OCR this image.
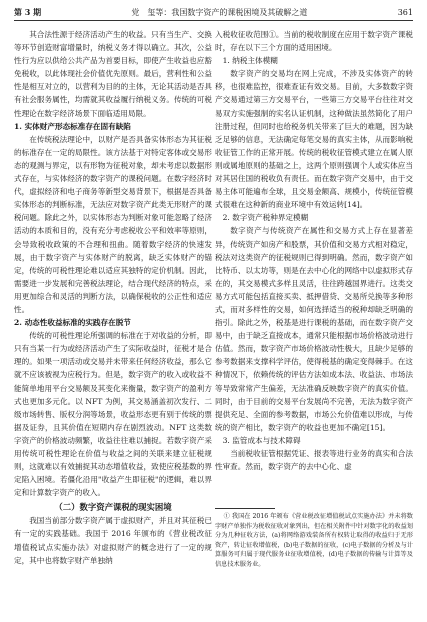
第 3 期	党　玺等：我国数字资产的课税困境及其破解之道	361

其合法性源于经济活动产生的收益。只有当生产、交换等环节创造财富增量时，纳税义务才得以确立。其次，公益性行为应以供给公共产品为首要目标，即使产生收益也应豁免税收，以此体现社会价值优先原则。最后，营利性和公益性是相互对立的，以营利为目的的主体，无论其活动是否具有社会服务属性，均需就其收益履行纳税义务。传统的可税性理论在数字经济场景下面临适用局限。

1. 实体财产形态标准存在固有缺陷

在传统税法理论中，以财产是否具备实体形态为其征税的标准存在一定的局限性。该方法基于对特定客体或交易形态的观测与界定，以有形物为征税对象，却未考虑以数据形式存在，与实体经济的数字资产的课税问题。在数字经济时代，虚拟经济和电子商务等新型交易背景下，根据是否具备实体形态的判断标准，无法应对数字资产此类无形财产的课税问题。除此之外，以实体形态为判断对象可能忽略了经济活动的本质和目的，没有充分考虑税收公平和效率等原则，会导致税收政策的不合理和扭曲。随着数字经济的快速发展，由于数字资产与实体财产的脱离，缺乏实体财产的锚定，传统的可税性理论难以适应其独特的定价机制。因此，需要进一步发展和完善税法理论，结合现代经济的特点，采用更加综合和灵活的判断方法，以确保税收的公正性和适应性。

2. 动态性收益标准的实践存在脱节

传统的可税性理论所强调的标准在于对收益的分析，即只有当某一行为或经济活动产生了实际收益时，征税才是合理的。如果一项活动或交易并未带来任何经济收益，那么它就不应该被视为应税行为。但是，数字资产的收入或收益不能简单地用平台交易额及其变化来衡量，数字资产的盈利方式也更加多元化。以 NFT 为例，其交易涵盖初次发行、二级市场转售、版权分润等场景，收益形态更有别于传统的票据及证券，且其价值在短期内存在剧烈波动。NFT 这类数字资产的价格波动频繁，收益往往难以捕捉。若数字资产采用传统可税性理论在价值与收益之间的关联来建立征税规则，这就难以有效捕捉其动态增值收益，致使应税基数的界定陷入困境。若僵化沿用"收益产生即征税"的逻辑，难以界定和计算数字资产的收入。

（二）数字资产课税的现实困境

我国当前部分数字资产属于虚拟财产，并且对其征税已有一定的实践基础。我国于 2016 年颁布的《营业税改征增值税试点实施办法》对虚拟财产的概念进行了一定的规定，其中也将数字财产单独纳

入税收征收范围①。当前的税收制度在应用于数字资产课税时，存在以下三个方面的适用困境。

1. 纳税主体模糊

数字资产的交易均在网上完成，不涉及实体资产的转移，也很难监控，很难查证有效交易。目前，大多数数字资产交易通过第三方交易平台，一些第三方交易平台往往对交易双方实施强制的实名认证机制，这种做法虽然简化了用户注册过程，但同时也给税务机关带来了巨大的难题，因为缺乏足够的信息，无法确定每笔交易的真实主体，从而影响税收征管工作的正常开展。传统的税收征管模式建立在属人原则或属地原则的基础之上，这两个原则强调个人或实体应当对其居住国的税收负有责任。而在数字资产交易中，由于交易主体可能遍布全球，且交易金额高、规模小，传统征管模式很难在这种新的商业环境中有效运转[14]。

2. 数字资产税种界定模糊

数字资产与传统资产在属性和交易方式上存在显著差异，传统资产如房产和股票，其价值和交易方式相对稳定，税法对这类资产的征税规则已得到明确。然而，数字资产如比特币、以太坊等，则是在去中心化的网络中以虚拟形式存在的，其交易模式多样且灵活，往往跨越国界进行。这类交易方式可能包括直接买卖、抵押借贷、交易所兑换等多种形式，而对多样性的交易，如何选择适当的税种却缺乏明确的指引。除此之外，税基是进行课税的基础，而在数字资产交易中，由于缺乏直接成本，通常只能根据市场价格波动进行估值。然而，数字资产市场价格波动性极大，且缺少足够的参考数据来支撑科学评估，使得税基的确定变得棘手。在这种情况下，依赖传统的评估方法如成本法、收益法、市场法等导致常常产生偏差，无法准确反映数字资产的真实价值。同时，由于目前的交易平台发展尚不完善，无法为数字资产提供充足、全面的参考数据，市场公允价值难以形成，与传统的资产相比，数字资产的收益也更加不确定[15]。

3. 监管成本与技术障碍

当前税收征管根据凭证、报表等进行业务的真实和合法性审查。然而，数字资产的去中心化、虚

① 我国在 2016 年颁布《营业税改征增值税试点实施办法》并未将数字财产单独作为税收征收对象列出，但在相关附件中针对数字化的收益划分为几种征收方法，(a)将网络游戏装备所有权转让取得的收益归于无形资产，转让征收增值税，(b)电子数据的征收，(c)电子数据的分析及与计算服务可归属于现代服务业征收增值税，(d)电子数据的传输与计算等及信息技术服务业。
